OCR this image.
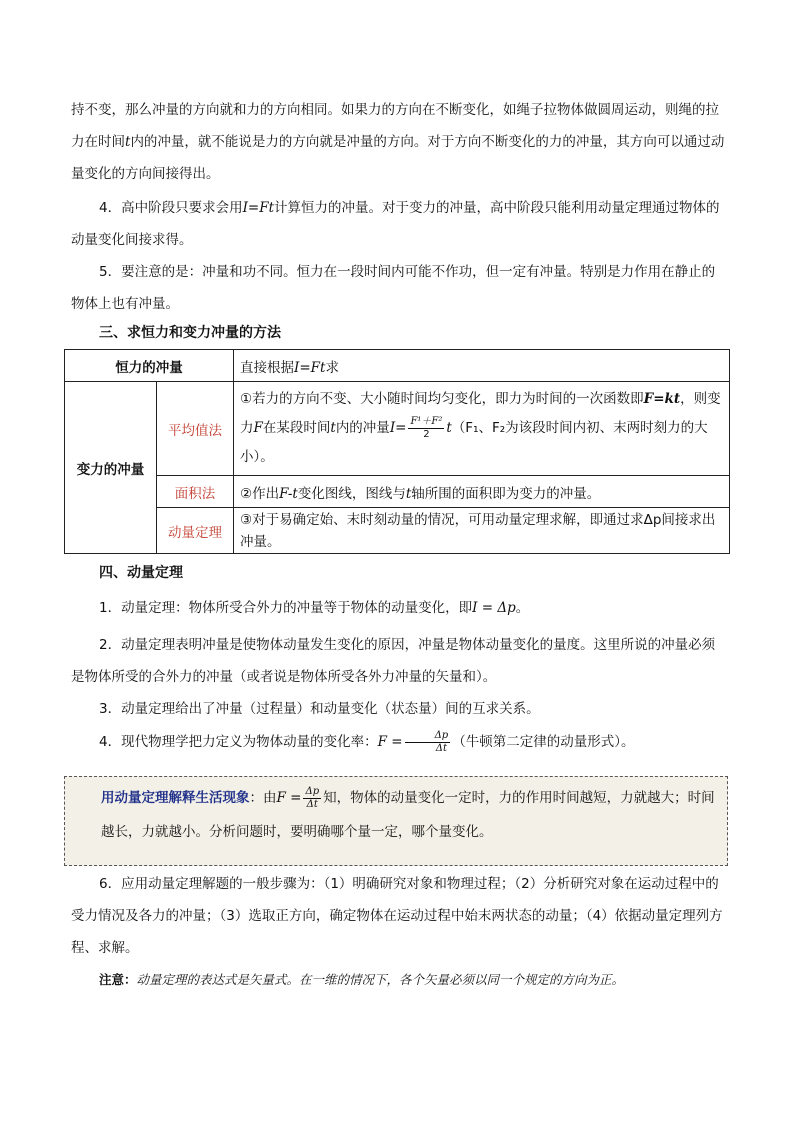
持不变，那么冲量的方向就和力的方向相同。如果力的方向在不断变化，如绳子拉物体做圆周运动，则绳的拉力在时间t内的冲量，就不能说是力的方向就是冲量的方向。对于方向不断变化的力的冲量，其方向可以通过动量变化的方向间接得出。

4．高中阶段只要求会用I=Ft计算恒力的冲量。对于变力的冲量，高中阶段只能利用动量定理通过物体的动量变化间接求得。

5．要注意的是：冲量和功不同。恒力在一段时间内可能不作功，但一定有冲量。特别是力作用在静止的物体上也有冲量。

三、求恒力和变力冲量的方法

恒力的冲量		直接根据I=Ft求
变力的冲量	平均值法	①若力的方向不变、大小随时间均匀变化，即力为时间的一次函数即F=kt，则变力F在某段时间t内的冲量$I= \frac{\text{F¹＋F²}}{2} t(F_1$、F₂为该段时间内初、末两时刻力的大小）。
	面积法	②作出F-t变化图线，图线与t轴所围的面积即为变力的冲量。
	动量定理	③对于易确定始、末时刻动量的情况，可用动量定理求解，即通过求Δp间接求出冲量。

四、动量定理

1．动量定理：物体所受合外力的冲量等于物体的动量变化，即I = Δp。

2．动量定理表明冲量是使物体动量发生变化的原因，冲量是物体动量变化的量度。这里所说的冲量必须是物体所受的合外力的冲量（或者说是物体所受各外力冲量的矢量和）。

3．动量定理给出了冲量（过程量）和动量变化（状态量）间的互求关系。

4．现代物理学把力定义为物体动量的变化率：$F = \frac{\Delta p}{\Delta t}$ （牛顿第二定律的动量形式）。

用动量定理解释生活现象：由$F = \frac{\Delta p}{\Delta t}$ 知，物体的动量变化一定时，力的作用时间越短，力就越大；时间越长，力就越小。分析问题时，要明确哪个量一定，哪个量变化。

6．应用动量定理解题的一般步骤为：（1）明确研究对象和物理过程；（2）分析研究对象在运动过程中的受力情况及各力的冲量；（3）选取正方向，确定物体在运动过程中始末两状态的动量；（4）依据动量定理列方程、求解。

注意：动量定理的表达式是矢量式。在一维的情况下，各个矢量必须以同一个规定的方向为正。
